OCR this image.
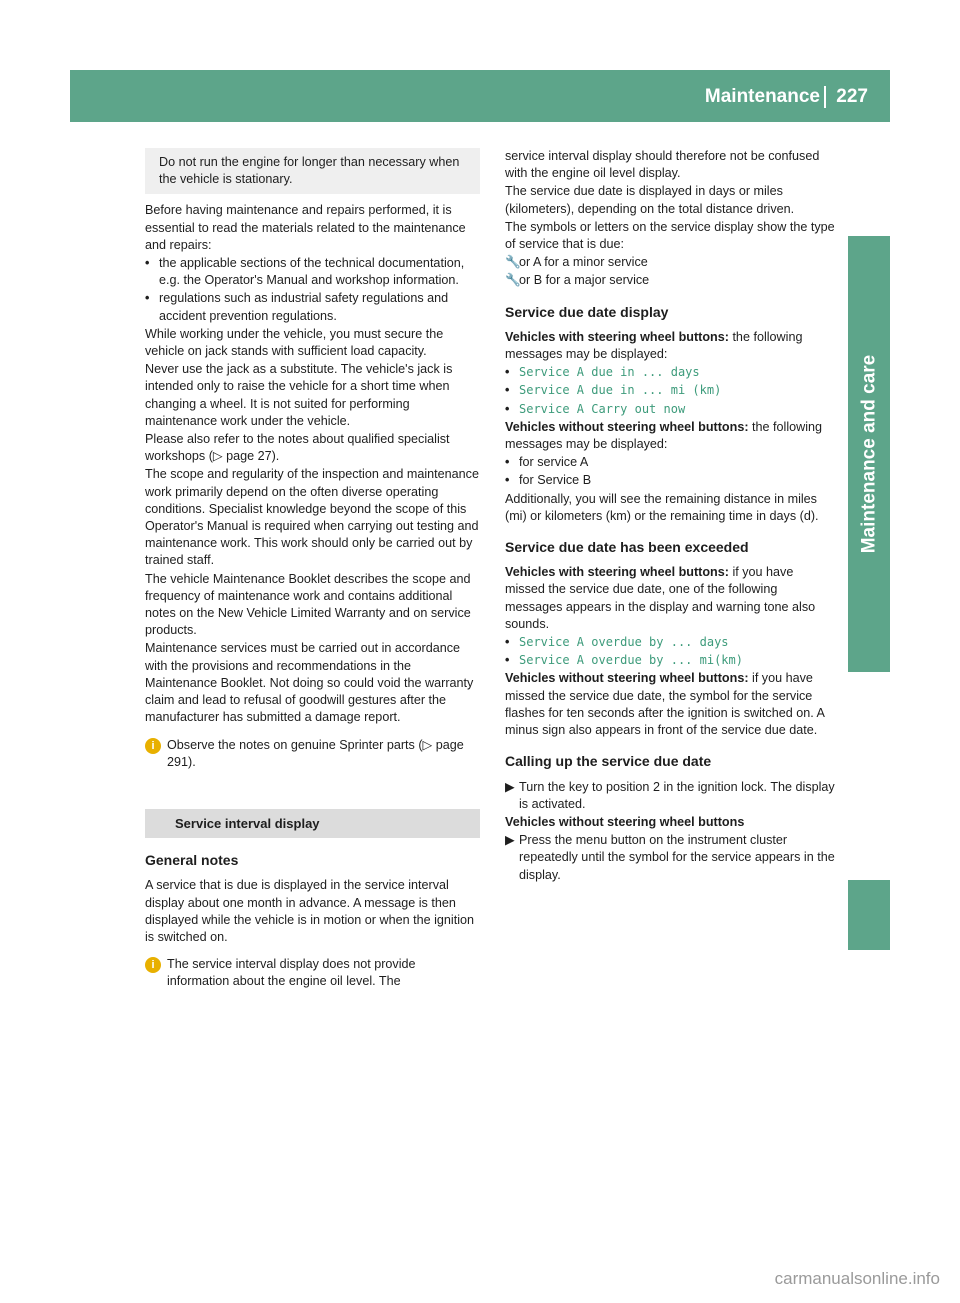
Maintenance 227
Maintenance and care
Do not run the engine for longer than necessary when the vehicle is stationary.

Before having maintenance and repairs performed, it is essential to read the materials related to the maintenance and repairs:

• the applicable sections of the technical documentation, e.g. the Operator's Manual and workshop information.
• regulations such as industrial safety regulations and accident prevention regulations.

While working under the vehicle, you must secure the vehicle on jack stands with sufficient load capacity.

Never use the jack as a substitute. The vehicle's jack is intended only to raise the vehicle for a short time when changing a wheel. It is not suited for performing maintenance work under the vehicle.

Please also refer to the notes about qualified specialist workshops (▷ page 27).

The scope and regularity of the inspection and maintenance work primarily depend on the often diverse operating conditions. Specialist knowledge beyond the scope of this Operator's Manual is required when carrying out testing and maintenance work. This work should only be carried out by trained staff.

The vehicle Maintenance Booklet describes the scope and frequency of maintenance work and contains additional notes on the New Vehicle Limited Warranty and on service products.

Maintenance services must be carried out in accordance with the provisions and recommendations in the Maintenance Booklet. Not doing so could void the warranty claim and lead to refusal of goodwill gestures after the manufacturer has submitted a damage report.

i Observe the notes on genuine Sprinter parts (▷ page 291).
Service interval display
General notes

A service that is due is displayed in the service interval display about one month in advance. A message is then displayed while the vehicle is in motion or when the ignition is switched on.

i The service interval display does not provide information about the engine oil level. The

service interval display should therefore not be confused with the engine oil level display.

The service due date is displayed in days or miles (kilometers), depending on the total distance driven.

The symbols or letters on the service display show the type of service that is due:

🔧
or A for a minor service
🔧
or B for a major service
Service due date display

Vehicles with steering wheel buttons: the following messages may be displayed:

• Service A due in ... days
• Service A due in ... mi (km)
• Service A Carry out now

Vehicles without steering wheel buttons: the following messages may be displayed:

• for service A
• for Service B

Additionally, you will see the remaining distance in miles (mi) or kilometers (km) or the remaining time in days (d).

Service due date has been exceeded

Vehicles with steering wheel buttons: if you have missed the service due date, one of the following messages appears in the display and warning tone also sounds.

• Service A overdue by ... days
• Service A overdue by ... mi(km)

Vehicles without steering wheel buttons: if you have missed the service due date, the symbol for the service flashes for ten seconds after the ignition is switched on. A minus sign also appears in front of the service due date.

Calling up the service due date
▶ Turn the key to position 2 in the ignition lock. The display is activated.

Vehicles without steering wheel buttons

▶ Press the menu button on the instrument cluster repeatedly until the symbol for the service appears in the display.
carmanualsonline.info
